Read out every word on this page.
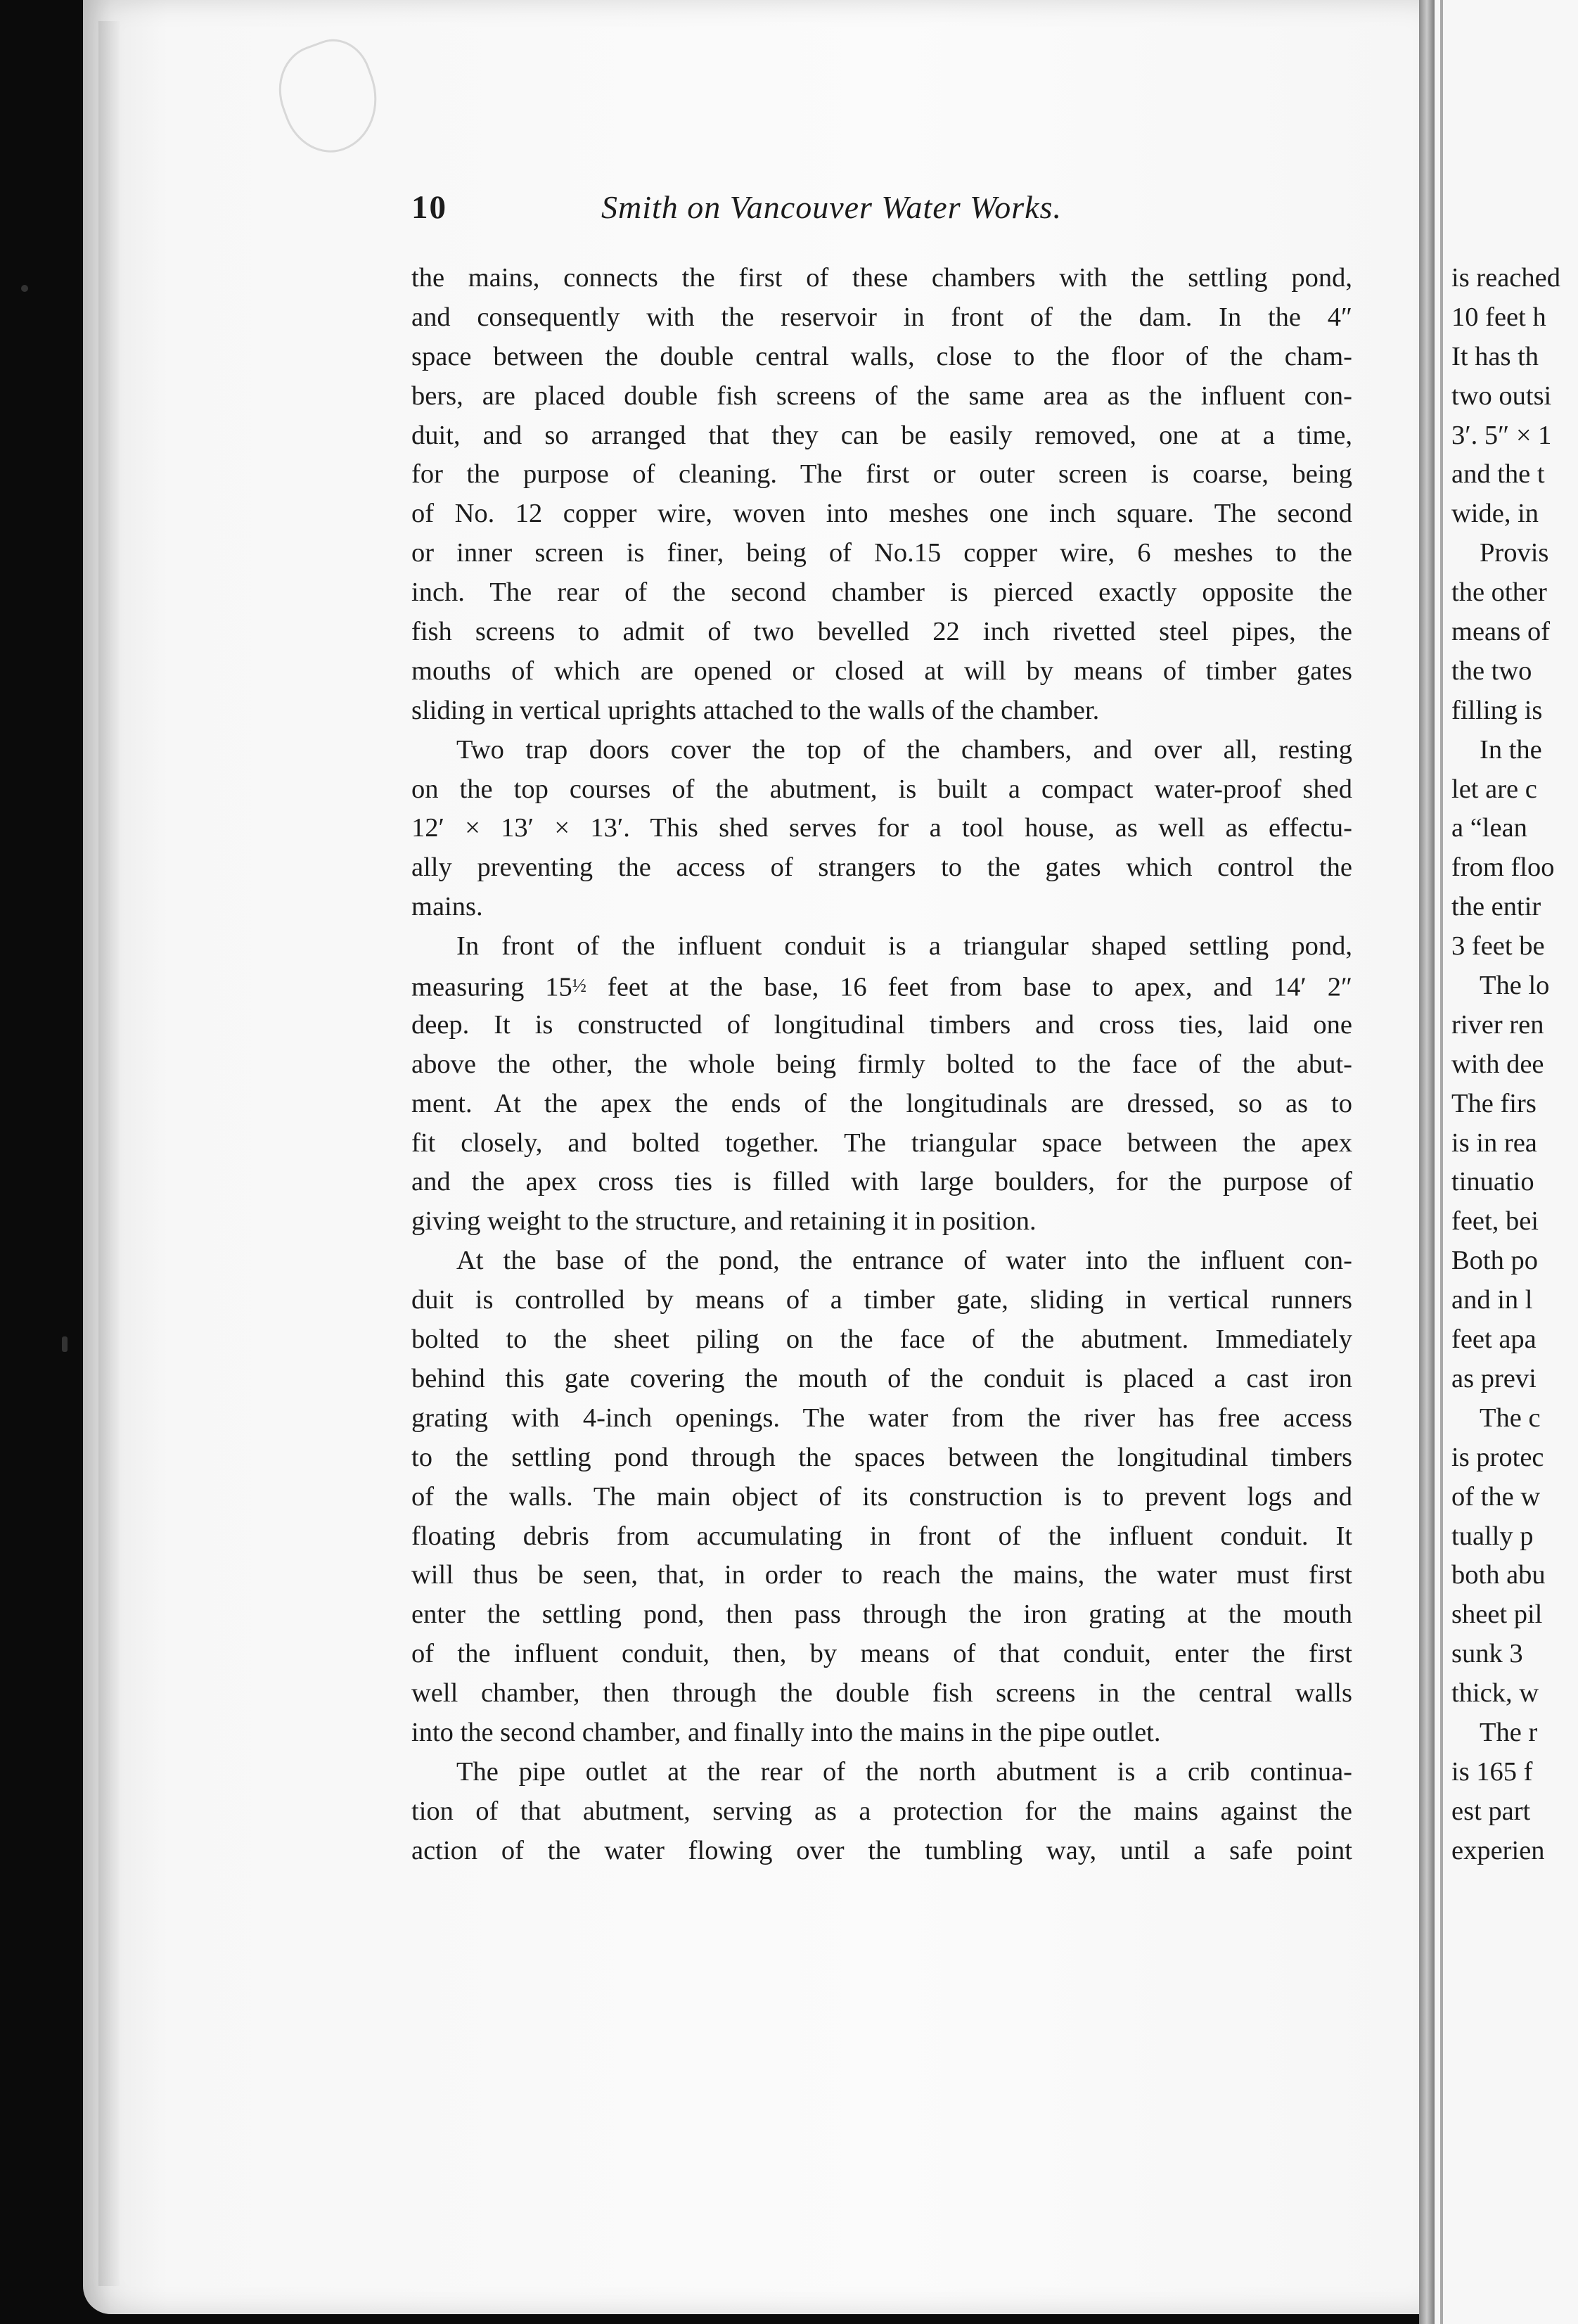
10	Smith on Vancouver Water Works.
the mains, connects the first of these chambers with the settling pond,
and consequently with the reservoir in front of the dam. In the 4″
space between the double central walls, close to the floor of the cham-
bers, are placed double fish screens of the same area as the influent con-
duit, and so arranged that they can be easily removed, one at a time,
for the purpose of cleaning. The first or outer screen is coarse, being
of No. 12 copper wire, woven into meshes one inch square. The second
or inner screen is finer, being of No.15 copper wire, 6 meshes to the
inch. The rear of the second chamber is pierced exactly opposite the
fish screens to admit of two bevelled 22 inch rivetted steel pipes, the
mouths of which are opened or closed at will by means of timber gates
sliding in vertical uprights attached to the walls of the chamber.
Two trap doors cover the top of the chambers, and over all, resting
on the top courses of the abutment, is built a compact water-proof shed
12′ × 13′ × 13′. This shed serves for a tool house, as well as effectu-
ally preventing the access of strangers to the gates which control the
mains.
In front of the influent conduit is a triangular shaped settling pond,
measuring 15½ feet at the base, 16 feet from base to apex, and 14′ 2″
deep. It is constructed of longitudinal timbers and cross ties, laid one
above the other, the whole being firmly bolted to the face of the abut-
ment. At the apex the ends of the longitudinals are dressed, so as to
fit closely, and bolted together. The triangular space between the apex
and the apex cross ties is filled with large boulders, for the purpose of
giving weight to the structure, and retaining it in position.
At the base of the pond, the entrance of water into the influent con-
duit is controlled by means of a timber gate, sliding in vertical runners
bolted to the sheet piling on the face of the abutment. Immediately
behind this gate covering the mouth of the conduit is placed a cast iron
grating with 4-inch openings. The water from the river has free access
to the settling pond through the spaces between the longitudinal timbers
of the walls. The main object of its construction is to prevent logs and
floating debris from accumulating in front of the influent conduit. It
will thus be seen, that, in order to reach the mains, the water must first
enter the settling pond, then pass through the iron grating at the mouth
of the influent conduit, then, by means of that conduit, enter the first
well chamber, then through the double fish screens in the central walls
into the second chamber, and finally into the mains in the pipe outlet.
The pipe outlet at the rear of the north abutment is a crib continua-
tion of that abutment, serving as a protection for the mains against the
action of the water flowing over the tumbling way, until a safe point
is reached
10 feet h
It has th
two outsi
3′. 5″ × 1
and the t
wide, in
Provis
the other
means of
the two
filling is
In the
let are c
a “lean
from floo
the entir
3 feet be
The lo
river ren
with dee
The firs
is in rea
tinuatio
feet, bei
Both po
and in l
feet apa
as previ
The c
is protec
of the w
tually p
both abu
sheet pil
sunk 3
thick, w
The r
is 165 f
est part
experien
